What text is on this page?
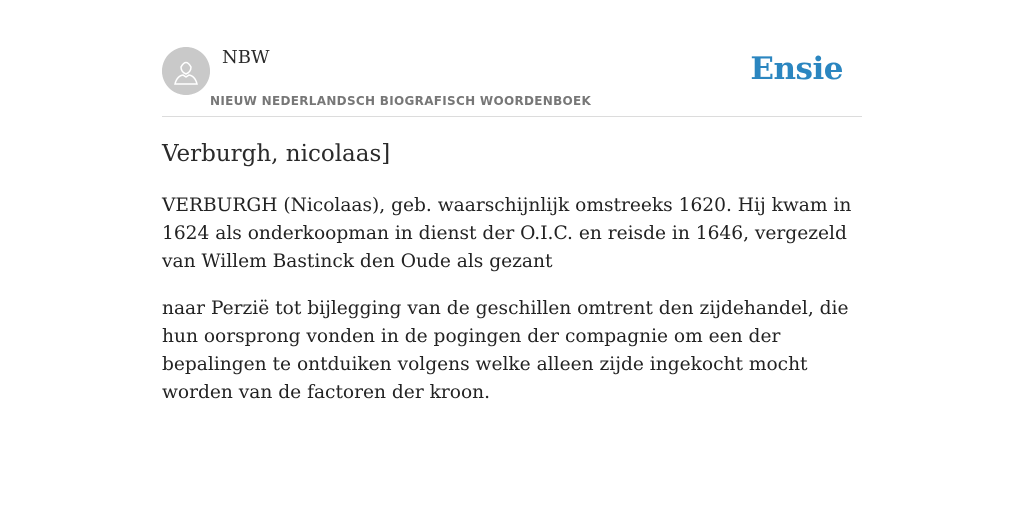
NBW
NIEUW NEDERLANDSCH BIOGRAFISCH WOORDENBOEK
Ensie
Verburgh, nicolaas]

VERBURGH (Nicolaas), geb. waarschijnlijk omstreeks 1620. Hij kwam in 1624 als onderkoopman in dienst der O.I.C. en reisde in 1646, vergezeld van Willem Bastinck den Oude als gezant

naar Perzië tot bijlegging van de geschillen omtrent den zijdehandel, die hun oorsprong vonden in de pogingen der compagnie om een der bepalingen te ontduiken volgens welke alleen zijde ingekocht mocht worden van de factoren der kroon.
